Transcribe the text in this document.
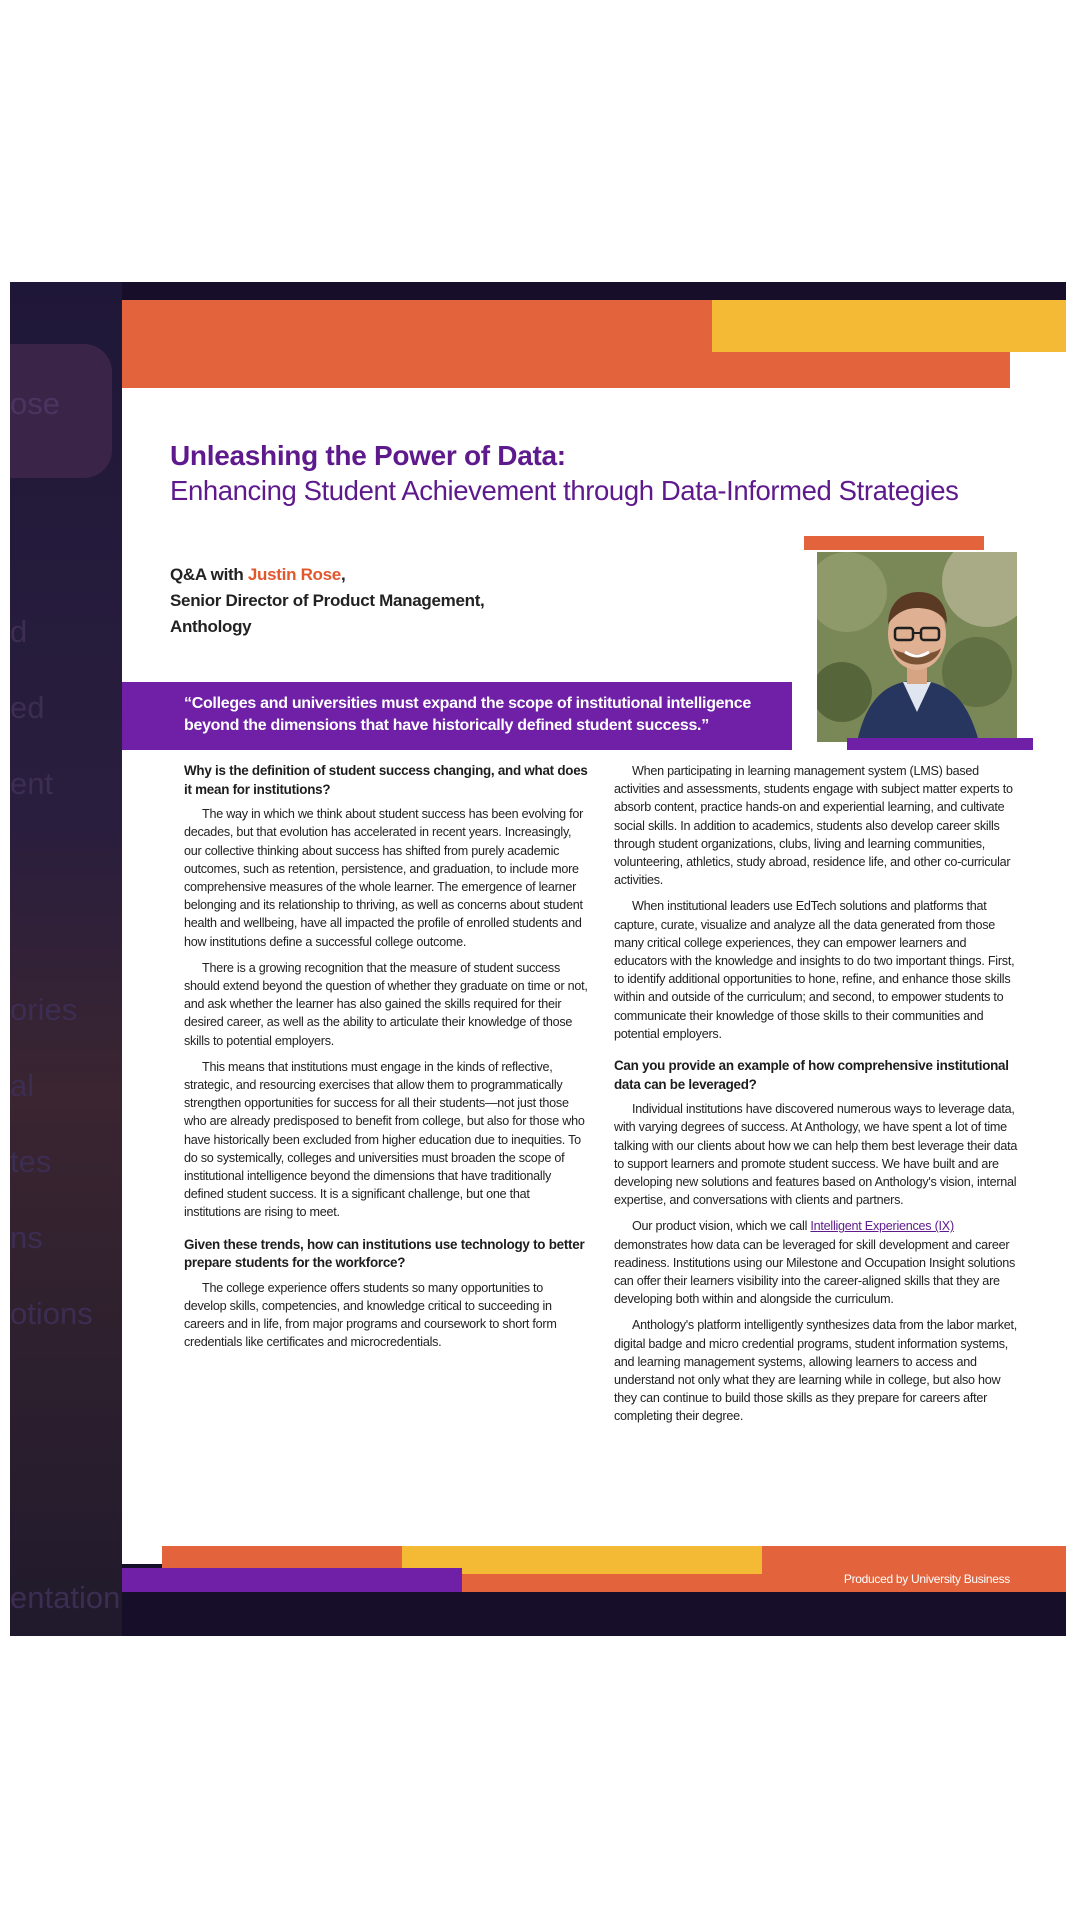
ose
d
ed
ent
ories
al
tes
ns
otions
entation
Unleashing the Power of Data:
Enhancing Student Achievement through Data-Informed Strategies
Q&A with Justin Rose,
Senior Director of Product Management,
Anthology
“Colleges and universities must expand the scope of institutional intelligence beyond the dimensions that have historically defined student success.”
Why is the definition of student success changing, and what does it mean for institutions?

The way in which we think about student success has been evolving for decades, but that evolution has accelerated in recent years. Increasingly, our collective thinking about success has shifted from purely academic outcomes, such as retention, persistence, and graduation, to include more comprehensive measures of the whole learner. The emergence of learner belonging and its relationship to thriving, as well as concerns about student health and wellbeing, have all impacted the profile of enrolled students and how institutions define a successful college outcome.

There is a growing recognition that the measure of student success should extend beyond the question of whether they graduate on time or not, and ask whether the learner has also gained the skills required for their desired career, as well as the ability to articulate their knowledge of those skills to potential employers.

This means that institutions must engage in the kinds of reflective, strategic, and resourcing exercises that allow them to programmatically strengthen opportunities for success for all their students—not just those who are already predisposed to benefit from college, but also for those who have historically been excluded from higher education due to inequities. To do so systemically, colleges and universities must broaden the scope of institutional intelligence beyond the dimensions that have traditionally defined student success. It is a significant challenge, but one that institutions are rising to meet.

Given these trends, how can institutions use technology to better prepare students for the workforce?

The college experience offers students so many opportunities to develop skills, competencies, and knowledge critical to succeeding in careers and in life, from major programs and coursework to short form credentials like certificates and microcredentials.

When participating in learning management system (LMS) based activities and assessments, students engage with subject matter experts to absorb content, practice hands-on and experiential learning, and cultivate social skills. In addition to academics, students also develop career skills through student organizations, clubs, living and learning communities, volunteering, athletics, study abroad, residence life, and other co-curricular activities.

When institutional leaders use EdTech solutions and platforms that capture, curate, visualize and analyze all the data generated from those many critical college experiences, they can empower learners and educators with the knowledge and insights to do two important things. First, to identify additional opportunities to hone, refine, and enhance those skills within and outside of the curriculum; and second, to empower students to communicate their knowledge of those skills to their communities and potential employers.

Can you provide an example of how comprehensive institutional data can be leveraged?

Individual institutions have discovered numerous ways to leverage data, with varying degrees of success. At Anthology, we have spent a lot of time talking with our clients about how we can help them best leverage their data to support learners and promote student success. We have built and are developing new solutions and features based on Anthology's vision, internal expertise, and conversations with clients and partners.

Our product vision, which we call Intelligent Experiences (IX) demonstrates how data can be leveraged for skill development and career readiness. Institutions using our Milestone and Occupation Insight solutions can offer their learners visibility into the career-aligned skills that they are developing both within and alongside the curriculum.

Anthology's platform intelligently synthesizes data from the labor market, digital badge and micro credential programs, student information systems, and learning management systems, allowing learners to access and understand not only what they are learning while in college, but also how they can continue to build those skills as they prepare for careers after completing their degree.

Produced by University Business
